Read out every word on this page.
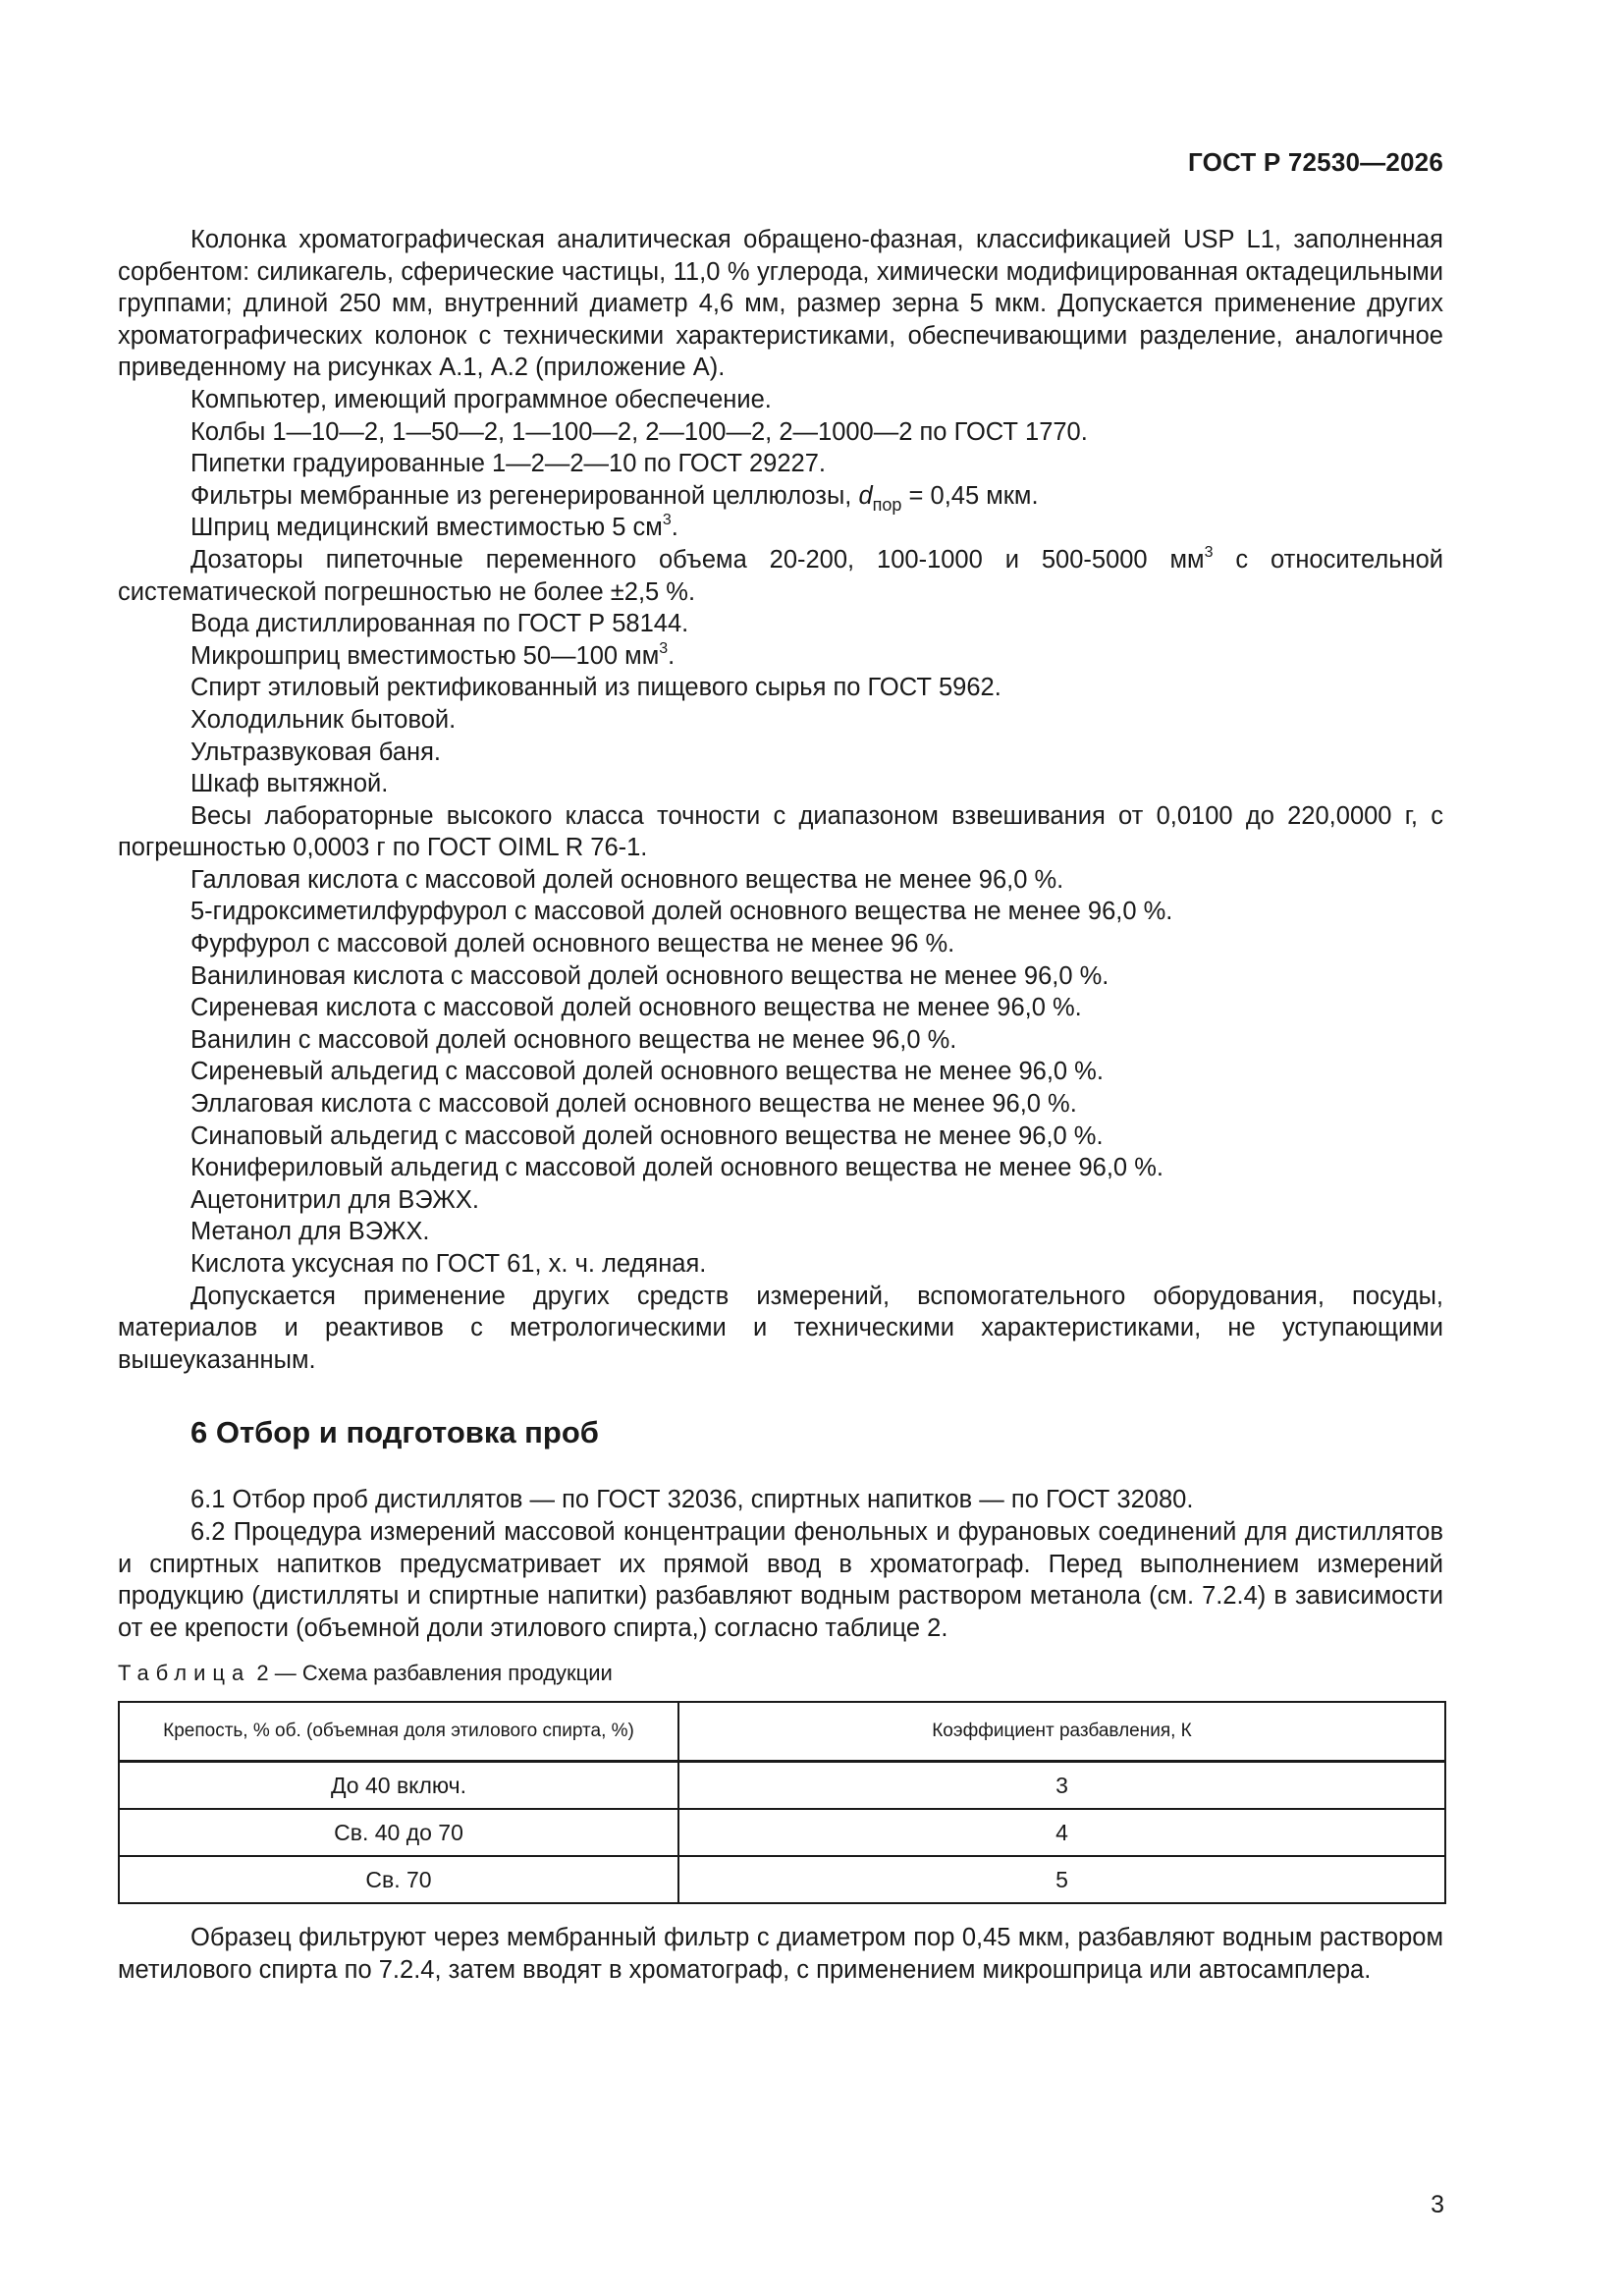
ГОСТ Р 72530—2026

Колонка хроматографическая аналитическая обращено-фазная, классификацией USP L1, заполненная сорбентом: силикагель, сферические частицы, 11,0 % углерода, химически модифицированная октадецильными группами; длиной 250 мм, внутренний диаметр 4,6 мм, размер зерна 5 мкм. Допускается применение других хроматографических колонок с техническими характеристиками, обеспечивающими разделение, аналогичное приведенному на рисунках А.1, А.2 (приложение А).

Компьютер, имеющий программное обеспечение.

Колбы 1—10—2, 1—50—2, 1—100—2, 2—100—2, 2—1000—2 по ГОСТ 1770.

Пипетки градуированные 1—2—2—10 по ГОСТ 29227.

Фильтры мембранные из регенерированной целлюлозы, $d_{пор} = 0,45$ мкм.

Шприц медицинский вместимостью 5 $см^3$.

Дозаторы пипеточные переменного объема 20-200, 100-1000 и 500-5000 $мм^3$ с относительной систематической погрешностью не более ±2,5 %.

Вода дистиллированная по ГОСТ Р 58144.

Микрошприц вместимостью 50—100 $мм^3$.

Спирт этиловый ректификованный из пищевого сырья по ГОСТ 5962.

Холодильник бытовой.

Ультразвуковая баня.

Шкаф вытяжной.

Весы лабораторные высокого класса точности с диапазоном взвешивания от 0,0100 до 220,0000 г, с погрешностью 0,0003 г по ГОСТ OIML R 76-1.

Галловая кислота с массовой долей основного вещества не менее 96,0 %.

5-гидроксиметилфурфурол с массовой долей основного вещества не менее 96,0 %.

Фурфурол с массовой долей основного вещества не менее 96 %.

Ванилиновая кислота с массовой долей основного вещества не менее 96,0 %.

Сиреневая кислота с массовой долей основного вещества не менее 96,0 %.

Ванилин с массовой долей основного вещества не менее 96,0 %.

Сиреневый альдегид с массовой долей основного вещества не менее 96,0 %.

Эллаговая кислота с массовой долей основного вещества не менее 96,0 %.

Синаповый альдегид с массовой долей основного вещества не менее 96,0 %.

Конифериловый альдегид с массовой долей основного вещества не менее 96,0 %.

Ацетонитрил для ВЭЖХ.

Метанол для ВЭЖХ.

Кислота уксусная по ГОСТ 61, х. ч. ледяная.

Допускается применение других средств измерений, вспомогательного оборудования, посуды, материалов и реактивов с метрологическими и техническими характеристиками, не уступающими вышеуказанным.

6 Отбор и подготовка проб

6.1 Отбор проб дистиллятов — по ГОСТ 32036, спиртных напитков — по ГОСТ 32080.

6.2 Процедура измерений массовой концентрации фенольных и фурановых соединений для дистиллятов и спиртных напитков предусматривает их прямой ввод в хроматограф. Перед выполнением измерений продукцию (дистилляты и спиртные напитки) разбавляют водным раствором метанола (см. 7.2.4) в зависимости от ее крепости (объемной доли этилового спирта,) согласно таблице 2.

Таблица 2 — Схема разбавления продукции
Крепость, % об. (объемная доля этилового спирта, %)	Коэффициент разбавления, К
До 40 включ.	3
Св. 40 до 70	4
Св. 70	5

Образец фильтруют через мембранный фильтр с диаметром пор 0,45 мкм, разбавляют водным раствором метилового спирта по 7.2.4, затем вводят в хроматограф, с применением микрошприца или автосамплера.

3
